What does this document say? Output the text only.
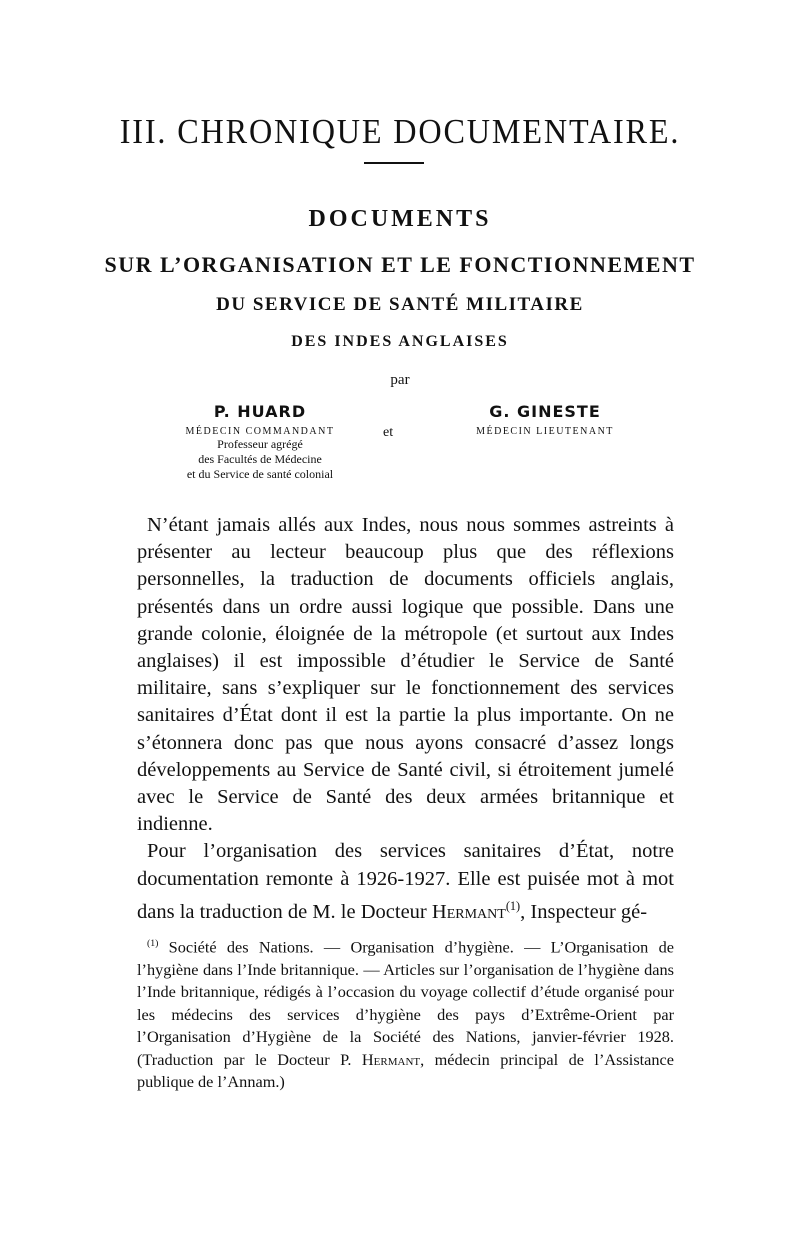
III. CHRONIQUE DOCUMENTAIRE.
DOCUMENTS
SUR L’ORGANISATION ET LE FONCTIONNEMENT
DU SERVICE DE SANTÉ MILITAIRE
DES INDES ANGLAISES
par
P. HUARD
MÉDECIN COMMANDANT
Professeur agrégé
des Facultés de Médecine
et du Service de santé colonial
et
G. GINESTE
MÉDECIN LIEUTENANT

N’étant jamais allés aux Indes, nous nous sommes astreints à présenter au lecteur beaucoup plus que des réflexions personnelles, la traduction de documents officiels anglais, présentés dans un ordre aussi logique que possible. Dans une grande colonie, éloignée de la métropole (et surtout aux Indes anglaises) il est impossible d’étudier le Service de Santé militaire, sans s’expliquer sur le fonctionnement des services sanitaires d’État dont il est la partie la plus importante. On ne s’étonnera donc pas que nous ayons consacré d’assez longs développements au Service de Santé civil, si étroitement jumelé avec le Service de Santé des deux armées britannique et indienne.

Pour l’organisation des services sanitaires d’État, notre documentation remonte à 1926-1927. Elle est puisée mot à mot dans la traduction de M. le Docteur Hermant$^{(1)}$, Inspecteur gé-

$^{(1)}$ Société des Nations. — Organisation d’hygiène. — L’Organisation de l’hygiène dans l’Inde britannique. — Articles sur l’organisation de l’hygiène dans l’Inde britannique, rédigés à l’occasion du voyage collectif d’étude organisé pour les médecins des services d’hygiène des pays d’Extrême-Orient par l’Organisation d’Hygiène de la Société des Nations, janvier-février 1928. (Traduction par le Docteur P. Hermant, médecin principal de l’Assistance publique de l’Annam.)
